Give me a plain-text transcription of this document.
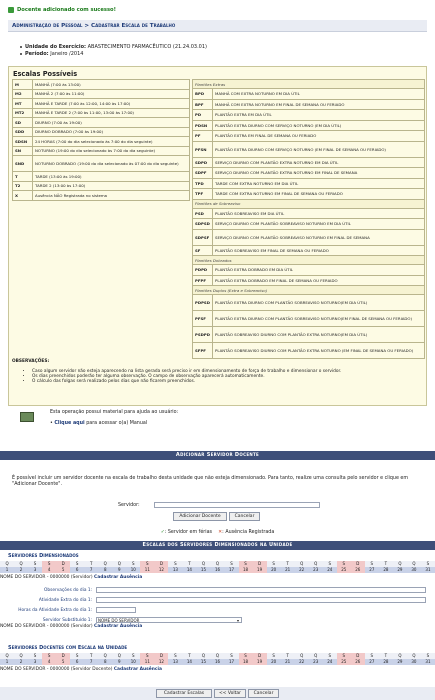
Docente adicionado com sucesso!
Administração de Pessoal > Cadastrar Escala de Trabalho
Unidade do Exercício: ABASTECIMENTO FARMACÊUTICO (21.24.03.01)
Período: Janeiro /2014
Escalas Possíveis
M	MANHÃ (7:00 às 13:00)
M2	MANHÃ 2 (7:00 às 11:00)
MT	MANHÃ E TARDE (7:00 às 12:00, 14:00 às 17:00)
MT2	MANHÃ E TARDE 2 (7:00 às 11:00, 13:00 às 17:00)
SD	DIURNO (7:00 às 19:00)
SDD	DIURNO DOBRADO (7:00 às 19:00)
SDSN	24 HORAS (7:00 do dia selecionado às 7:00 do dia seguinte)
SN	NOTURNO (19:00 do dia selecionado às 7:00 do dia seguinte)
SND	NOTURNO DOBRADO (19:00 do dia selecionado às 07:00 do dia seguinte)
T	TARDE (13:00 às 19:00)
T2	TARDE 2 (13:00 às 17:00)
X	Ausência NÃO Registrada no sistema
Plantões Extras	
BPD	MANHÃ COM EXTRA NOTURNO EM DIA ÚTIL
BPF	MANHÃ COM EXTRA NOTURNO EM FINAL DE SEMANA OU FERIADO
PD	PLANTÃO EXTRA EM DIA ÚTIL
PDSN	PLANTÃO EXTRA DIURNO COM SERVIÇO NOTURNO (EM DIA ÚTIL)
PF	PLANTÃO EXTRA EM FINAL DE SEMANA OU FERIADO
PFSN	PLANTÃO EXTRA DIURNO COM SERVIÇO NOTURNO (EM FINAL DE SEMANA OU FERIADO)
SDPD	SERVIÇO DIURNO COM PLANTÃO EXTRA NOTURNO EM DIA ÚTIL
SDPF	SERVIÇO DIURNO COM PLANTÃO EXTRA NOTURNO EM FINAL DE SEMANA
TPD	TARDE COM EXTRA NOTURNO EM DIA ÚTIL
TPF	TARDE COM EXTRA NOTURNO EM FINAL DE SEMANA OU FERIADO
Plantões de Sobreaviso	
PSD	PLANTÃO SOBREAVISO EM DIA ÚTIL
SDPSD	SERVIÇO DIURNO COM PLANTÃO SOBREAVISO NOTURNO EM DIA ÚTIL
SDPSF	SERVIÇO DIURNO COM PLANTÃO SOBREAVISO NOTURNO EM FINAL DE SEMANA
SF	PLANTÃO SOBREAVISO EM FINAL DE SEMANA OU FERIADO
Plantões Dobrados	
PDPD	PLANTÃO EXTRA DOBRADO EM DIA ÚTIL
PFPF	PLANTÃO EXTRA DOBRADO EM FINAL DE SEMANA OU FERIADO
Plantões Duplos (Extra e Sobreaviso)	
PDPSD	PLANTÃO EXTRA DIURNO COM PLANTÃO SOBREAVISO NOTURNO(EM DIA ÚTIL)
PFSF	PLANTÃO EXTRA DIURNO COM PLANTÃO SOBREAVISO NOTURNO(EM FINAL DE SEMANA OU FERIADO)
PSDPD	PLANTÃO SOBREAVISO DIURNO COM PLANTÃO EXTRA NOTURNO(EM DIA ÚTIL)
SFPF	PLANTÃO SOBREAVISO DIURNO COM PLANTÃO EXTRA NOTURNO (EM FINAL DE SEMANA OU FERIADO)
OBSERVAÇÕES:
• Caso algum servidor não esteja aparecendo na lista gerada será preciso ir em dimensionamento de força de trabalho e dimensionar o servidor.
• Os dias preenchidos poderão ter alguma observação. O campo de observação aparecerá automaticamente.
• O cálculo das folgas será realizado pelos dias que não ficarem preenchidos.
Esta operação possui material para ajuda ao usuário:
• Clique aqui para acessar o(a) Manual
Adicionar Servidor Docente
É possível incluir um servidor docente na escala de trabalho desta unidade que não esteja dimensionado. Para tanto, realize uma consulta pelo servidor e clique em "Adicionar Docente".
Servidor:
Adicionar Docente	Cancelar
✓: Servidor em férias ✕: Ausência Registrada
Escalas dos Servidores Dimensionados na Unidade
Servidores Dimensionados
Q	Q	S	S	D	S	T	Q	Q	S	S	D	S	T	Q	Q	S	S	D	S	T	Q	Q	S	S	D	S	T	Q	Q	S
1	2	3	4	5	6	7	8	9	10	11	12	13	14	15	16	17	18	19	20	21	22	23	24	25	26	27	28	29	30	31
NOME DO SERVIDOR - 0000000 (Servidor) Cadastrar Ausência
Observações do dia 1:
Atividade Extra do dia 1:
Horas da Atividade Extra do dia 1:
Servidor Substituído 1:	NOME DO SERVIDOR	▾
NOME DO SERVIDOR - 0000000 (Servidor) Cadastrar Ausência
Servidores Docentes com Escala na Unidade
Q	Q	S	S	D	S	T	Q	Q	S	S	D	S	T	Q	Q	S	S	D	S	T	Q	Q	S	S	D	S	T	Q	Q	S
1	2	3	4	5	6	7	8	9	10	11	12	13	14	15	16	17	18	19	20	21	22	23	24	25	26	27	28	29	30	31
NOME DO SERVIDOR - 0000000 (Servidor Docente) Cadastrar Ausência
Cadastrar Escalas	<< Voltar	Cancelar
